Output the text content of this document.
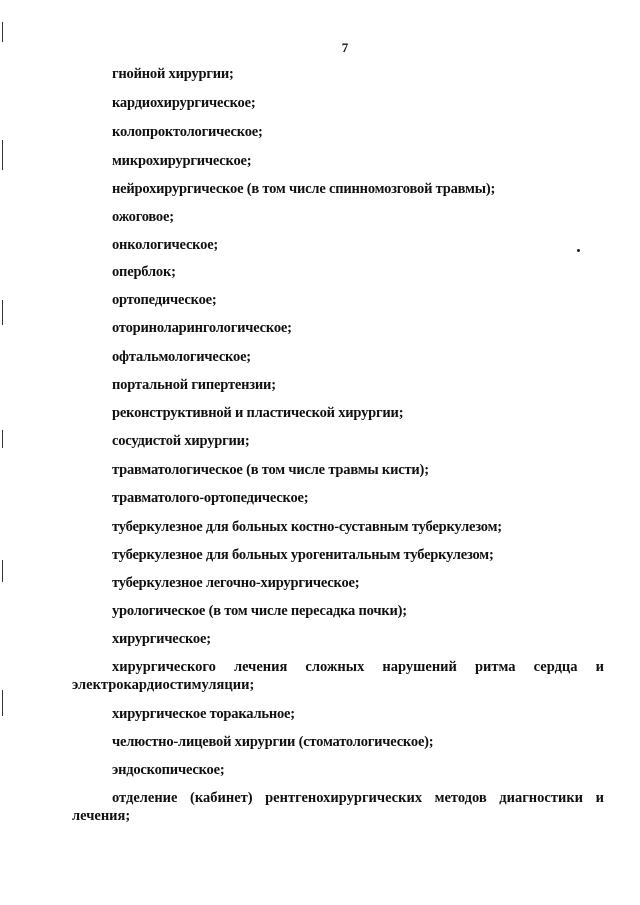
7
гнойной хирургии;
кардиохирургическое;
колопроктологическое;
микрохирургическое;
нейрохирургическое (в том числе спинномозговой травмы);
ожоговое;
онкологическое;
оперблок;
ортопедическое;
оториноларингологическое;
офтальмологическое;
портальной гипертензии;
реконструктивной и пластической хирургии;
сосудистой хирургии;
травматологическое (в том числе травмы кисти);
травматолого-ортопедическое;
туберкулезное для больных костно-суставным туберкулезом;
туберкулезное для больных урогенитальным туберкулезом;
туберкулезное легочно-хирургическое;
урологическое (в том числе пересадка почки);
хирургическое;
хирургического лечения сложных нарушений ритма сердца и
электрокардиостимуляции;
хирургическое торакальное;
челюстно-лицевой хирургии (стоматологическое);
эндоскопическое;
отделение (кабинет) рентгенохирургических методов диагностики и
лечения;
